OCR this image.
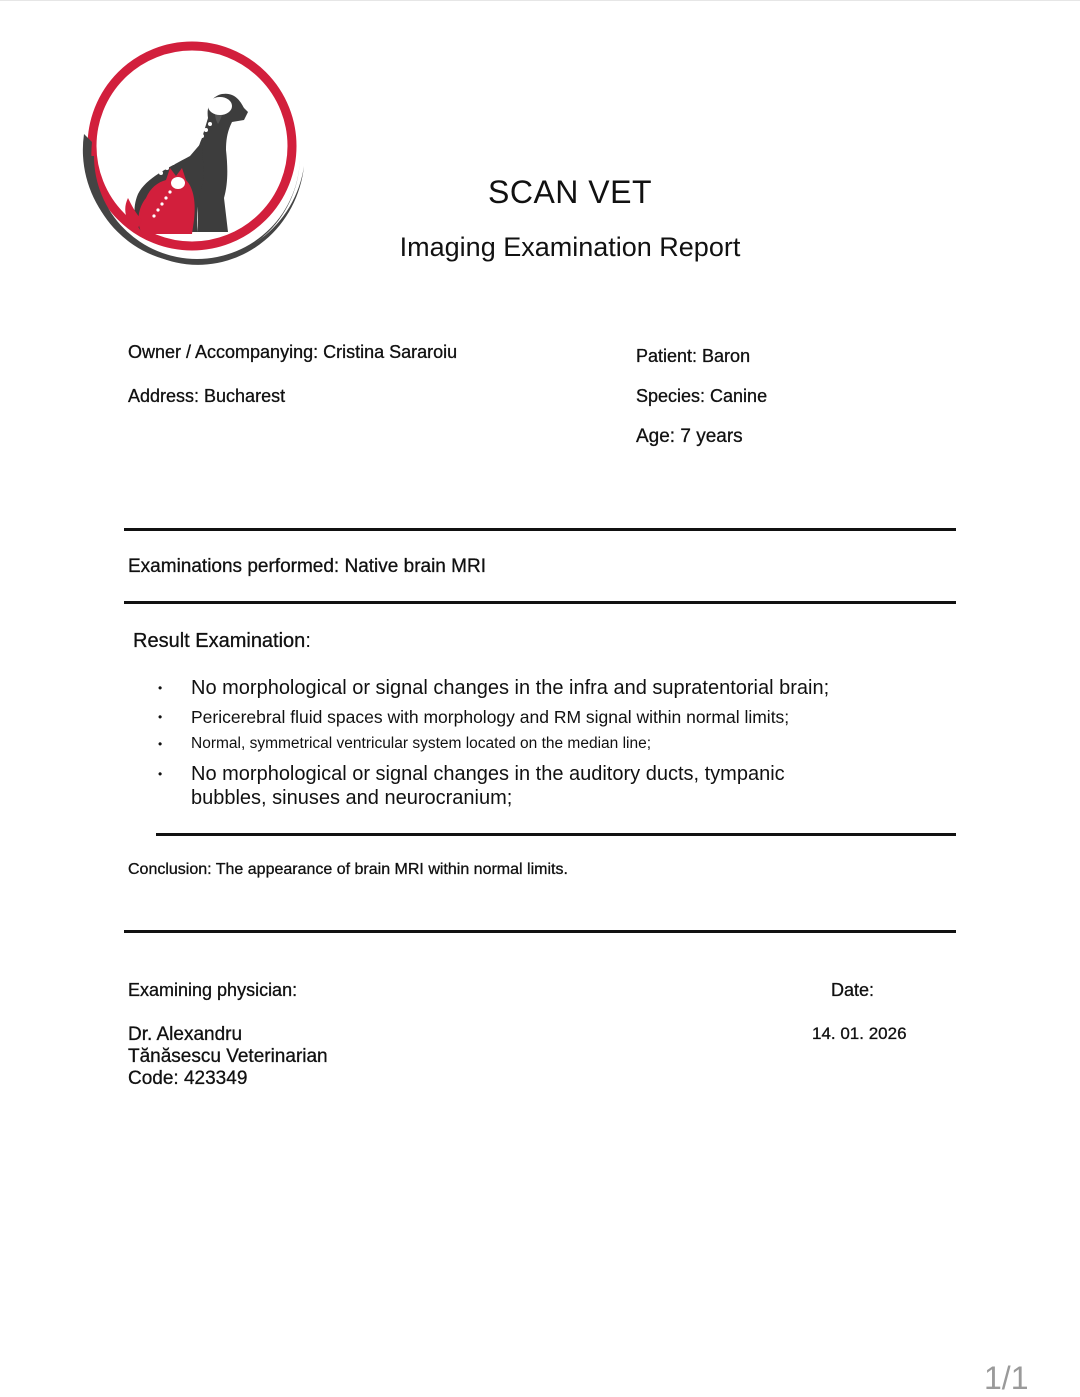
SCAN VET
Imaging Examination Report
Owner / Accompanying: Cristina Sararoiu
Address: Bucharest
Patient: Baron
Species: Canine
Age: 7 years
Examinations performed: Native brain MRI
Result Examination:
• No morphological or signal changes in the infra and supratentorial brain;
• Pericerebral fluid spaces with morphology and RM signal within normal limits;
• Normal, symmetrical ventricular system located on the median line;
• No morphological or signal changes in the auditory ducts, tympanic bubbles, sinuses and neurocranium;
Conclusion: The appearance of brain MRI within normal limits.
Examining physician:
Dr. Alexandru
Tănăsescu Veterinarian
Code: 423349
Date:
14. 01. 2026
1/1
